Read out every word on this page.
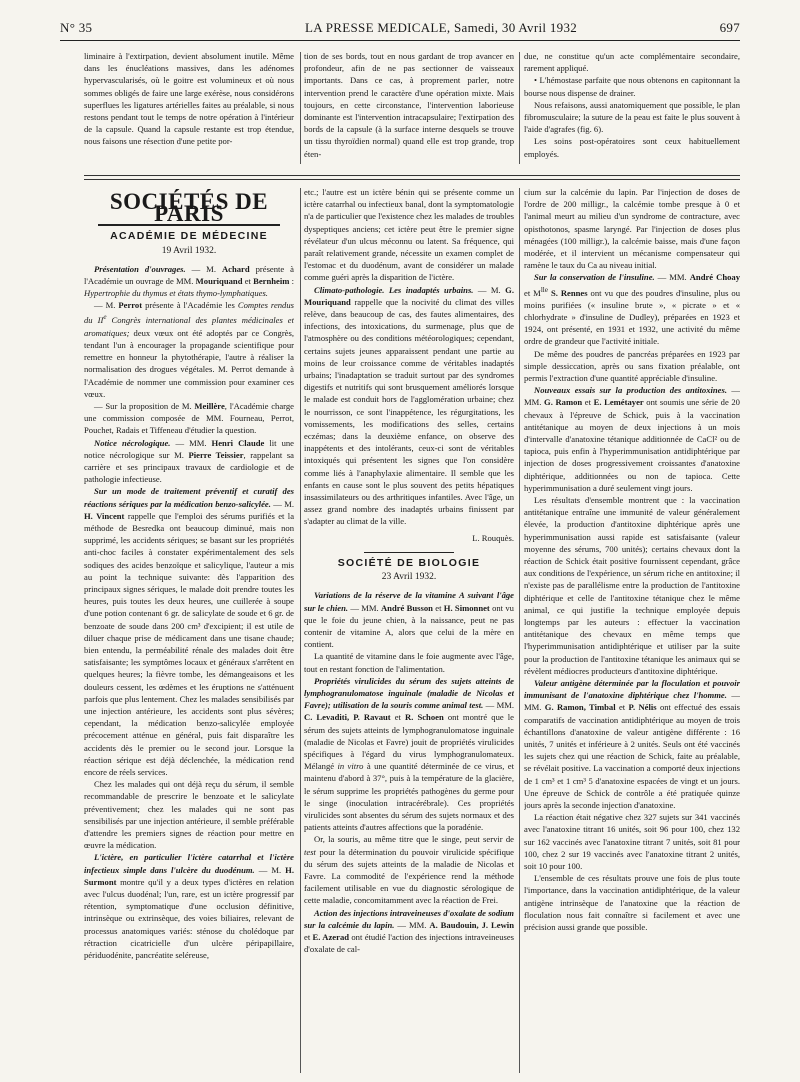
N° 35	LA PRESSE MEDICALE, Samedi, 30 Avril 1932	697

liminaire à l'extirpation, devient absolument inutile. Même dans les énucléations massives, dans les adénomes hypervascularisés, où le goitre est volumineux et où nous sommes obligés de faire une large exérèse, nous considérons superflues les ligatures artérielles faites au préalable, si nous restons pendant tout le temps de notre opération à l'intérieur de la capsule. Quand la capsule restante est trop étendue, nous faisons une résection d'une petite por-

tion de ses bords, tout en nous gardant de trop avancer en profondeur, afin de ne pas sectionner de vaisseaux importants. Dans ce cas, à proprement parler, notre intervention prend le caractère d'une opération mixte. Mais toujours, en cette circonstance, l'intervention laborieuse dominante est l'intervention intracapsulaire; l'extirpation des bords de la capsule (à la surface interne desquels se trouve un tissu thyroïdien normal) quand elle est trop grande, trop éten-

due, ne constitue qu'un acte complémentaire secondaire, rarement appliqué.

• L'hémostase parfaite que nous obtenons en capitonnant la bourse nous dispense de drainer.

Nous refaisons, aussi anatomiquement que possible, le plan fibromusculaire; la suture de la peau est faite le plus souvent à l'aide d'agrafes (fig. 6).

Les soins post-opératoires sont ceux habituellement employés.

SOCIÉTÉS DE PARIS
ACADÉMIE DE MÉDECINE
19 Avril 1932.

Présentation d'ouvrages. — M. Achard présente à l'Académie un ouvrage de MM. Mouriquand et Bernheim : Hypertrophie du thymus et états thymo-lymphatiques.

— M. Perrot présente à l'Académie les Comptes rendus du IIe Congrès international des plantes médicinales et aromatiques; deux vœux ont été adoptés par ce Congrès, tendant l'un à encourager la propagande scientifique pour remettre en honneur la phytothérapie, l'autre à réaliser la normalisation des drogues végétales. M. Perrot demande à l'Académie de nommer une commission pour examiner ces vœux.

— Sur la proposition de M. Meillère, l'Académie charge une commission composée de MM. Fourneau, Perrot, Pouchet, Radais et Tiffeneau d'étudier la question.

Notice nécrologique. — MM. Henri Claude lit une notice nécrologique sur M. Pierre Teissier, rappelant sa carrière et ses principaux travaux de cardiologie et de pathologie infectieuse.

Sur un mode de traitement préventif et curatif des réactions sériques par la médication benzo-salicylée. — M. H. Vincent rappelle que l'emploi des sérums purifiés et la méthode de Besredka ont beaucoup diminué, mais non supprimé, les accidents sériques; se basant sur les propriétés anti-choc faciles à constater expérimentalement des sels sodiques des acides benzoïque et salicylique, l'auteur a mis au point la technique suivante: dès l'apparition des principaux signes sériques, le malade doit prendre toutes les heures, puis toutes les deux heures, une cuillerée à soupe d'une potion contenant 6 gr. de salicylate de soude et 6 gr. de benzoate de soude dans 200 cm³ d'excipient; il est utile de diluer chaque prise de médicament dans une tisane chaude; bien entendu, la perméabilité rénale des malades doit être satisfaisante; les symptômes locaux et généraux s'arrêtent en quelques heures; la fièvre tombe, les démangeaisons et les douleurs cessent, les œdèmes et les éruptions ne s'atténuent parfois que plus lentement. Chez les malades sensibilisés par une injection antérieure, les accidents sont plus sévères; cependant, la médication benzo-salicylée employée précocement atténue en général, puis fait disparaître les accidents dès le premier ou le second jour. Lorsque la réaction sérique est déjà déclenchée, la médication rend encore de réels services.

Chez les malades qui ont déjà reçu du sérum, il semble recommandable de prescrire le benzoate et le salicylate préventivement; chez les malades qui ne sont pas sensibilisés par une injection antérieure, il semble préférable d'attendre les premiers signes de réaction pour mettre en œuvre la médication.

L'ictère, en particulier l'ictère catarrhal et l'ictère infectieux simple dans l'ulcère du duodénum. — M. H. Surmont montre qu'il y a deux types d'ictères en relation avec l'ulcus duodénal; l'un, rare, est un ictère progressif par rétention, symptomatique d'une occlusion définitive, intrinsèque ou extrinsèque, des voies biliaires, relevant de processus anatomiques variés: sténose du cholédoque par rétraction cicatricielle d'un ulcère péripapillaire, périduodénite, pancréatite seléreuse,

etc.; l'autre est un ictère bénin qui se présente comme un ictère catarrhal ou infectieux banal, dont la symptomatologie n'a de particulier que l'existence chez les malades de troubles dyspeptiques anciens; cet ictère peut être le premier signe révélateur d'un ulcus méconnu ou latent. Sa fréquence, qui paraît relativement grande, nécessite un examen complet de l'estomac et du duodénum, avant de considérer un malade comme guéri après la disparition de l'ictère.

Climato-pathologie. Les inadaptés urbains. — M. G. Mouriquand rappelle que la nocivité du climat des villes relève, dans beaucoup de cas, des fautes alimentaires, des infections, des intoxications, du surmenage, plus que de l'atmosphère ou des conditions météorologiques; cependant, certains sujets jeunes apparaissent pendant une partie au moins de leur croissance comme de véritables inadaptés urbains; l'inadaptation se traduit surtout par des syndromes digestifs et nutritifs qui sont brusquement améliorés lorsque le malade est conduit hors de l'agglomération urbaine; chez le nourrisson, ce sont l'inappétence, les régurgitations, les vomissements, les modifications des selles, certains eczémas; dans la deuxième enfance, on observe des inappétents et des intolérants, ceux-ci sont de véritables intoxiqués qui présentent les signes que l'on considère comme liés à l'anaphylaxie alimentaire. Il semble que les enfants en cause sont le plus souvent des petits hépatiques insassimilateurs ou des arthritiques infantiles. Avec l'âge, un assez grand nombre des inadaptés urbains finissent par s'adapter au climat de la ville.

L. Rouquès.
SOCIÉTÉ DE BIOLOGIE
23 Avril 1932.

Variations de la réserve de la vitamine A suivant l'âge sur le chien. — MM. André Busson et H. Simonnet ont vu que le foie du jeune chien, à la naissance, peut ne pas contenir de vitamine A, alors que celui de la mère en contient.

La quantité de vitamine dans le foie augmente avec l'âge, tout en restant fonction de l'alimentation.

Propriétés virulicides du sérum des sujets atteints de lymphogranulomatose inguinale (maladie de Nicolas et Favre); utilisation de la souris comme animal test. — MM. C. Levaditi, P. Ravaut et R. Schoen ont montré que le sérum des sujets atteints de lymphogranulomatose inguinale (maladie de Nicolas et Favre) jouit de propriétés virulicides spécifiques à l'égard du virus lymphogranulomateux. Mélangé in vitro à une quantité déterminée de ce virus, et maintenu d'abord à 37°, puis à la température de la glacière, le sérum supprime les propriétés pathogènes du germe pour le singe (inoculation intracérébrale). Ces propriétés virulicides sont absentes du sérum des sujets normaux et des patients atteints d'autres affections que la poradénie.

Or, la souris, au même titre que le singe, peut servir de test pour la détermination du pouvoir virulicide spécifique du sérum des sujets atteints de la maladie de Nicolas et Favre. La commodité de l'expérience rend la méthode facilement utilisable en vue du diagnostic sérologique de cette maladie, concomitamment avec la réaction de Frei.

Action des injections intraveineuses d'oxalate de sodium sur la calcémie du lapin. — MM. A. Baudouin, J. Lewin et E. Azerad ont étudié l'action des injections intraveineuses d'oxalate de cal-

cium sur la calcémie du lapin. Par l'injection de doses de l'ordre de 200 milligr., la calcémie tombe presque à 0 et l'animal meurt au milieu d'un syndrome de contracture, avec opisthotonos, spasme laryngé. Par l'injection de doses plus ménagées (100 milligr.), la calcémie baisse, mais d'une façon modérée, et il intervient un mécanisme compensateur qui ramène le taux du Ca au niveau initial.

Sur la conservation de l'insuline. — MM. André Choay et $M^{lle}$ S. Rennes ont vu que des poudres d'insuline, plus ou moins purifiées (« insuline brute », « picrate » et « chlorhydrate » d'insuline de Dudley), préparées en 1923 et 1924, ont présenté, en 1931 et 1932, une activité du même ordre de grandeur que l'activité initiale.

De même des poudres de pancréas préparées en 1923 par simple dessiccation, après ou sans fixation préalable, ont permis l'extraction d'une quantité appréciable d'insuline.

Nouveaux essais sur la production des antitoxines. — MM. G. Ramon et E. Lemétayer ont soumis une série de 20 chevaux à l'épreuve de Schick, puis à la vaccination antitétanique au moyen de deux injections à un mois d'intervalle d'anatoxine tétanique additionnée de CaCl² ou de tapioca, puis enfin à l'hyperimmunisation antidiphtérique par injection de doses progressivement croissantes d'anatoxine diphtérique, additionnées ou non de tapioca. Cette hyperimmunisation a duré seulement vingt jours.

Les résultats d'ensemble montrent que : la vaccination antitétanique entraîne une immunité de valeur généralement élevée, la production d'antitoxine diphtérique après une hyperimmunisation aussi rapide est satisfaisante (valeur moyenne des sérums, 700 unités); certains chevaux dont la réaction de Schick était positive fournissent cependant, grâce aux conditions de l'expérience, un sérum riche en antitoxine; il n'existe pas de parallélisme entre la production de l'antitoxine diphtérique et celle de l'antitoxine tétanique chez le même animal, ce qui justifie la technique employée depuis longtemps par les auteurs : effectuer la vaccination antitétanique des chevaux en même temps que l'hyperimmunisation antidiphtérique et utiliser par la suite pour la production de l'antitoxine tétanique les animaux qui se révèlent médiocres producteurs d'antitoxine diphtérique.

Valeur antigène déterminée par la floculation et pouvoir immunisant de l'anatoxine diphtérique chez l'homme. — MM. G. Ramon, Timbal et P. Nélis ont effectué des essais comparatifs de vaccination antidiphtérique au moyen de trois échantillons d'anatoxine de valeur antigène différente : 16 unités, 7 unités et inférieure à 2 unités. Seuls ont été vaccinés les sujets chez qui une réaction de Schick, faite au préalable, se révélait positive. La vaccination a comporté deux injections de 1 cm³ et 1 cm³ 5 d'anatoxine espacées de vingt et un jours. Une épreuve de Schick de contrôle a été pratiquée quinze jours après la seconde injection d'anatoxine.

La réaction était négative chez 327 sujets sur 341 vaccinés avec l'anatoxine titrant 16 unités, soit 96 pour 100, chez 132 sur 162 vaccinés avec l'anatoxine titrant 7 unités, soit 81 pour 100, chez 2 sur 19 vaccinés avec l'anatoxine titrant 2 unités, soit 10 pour 100.

L'ensemble de ces résultats prouve une fois de plus toute l'importance, dans la vaccination antidiphtérique, de la valeur antigène intrinsèque de l'anatoxine que la réaction de floculation nous fait connaître si facilement et avec une précision aussi grande que possible.
